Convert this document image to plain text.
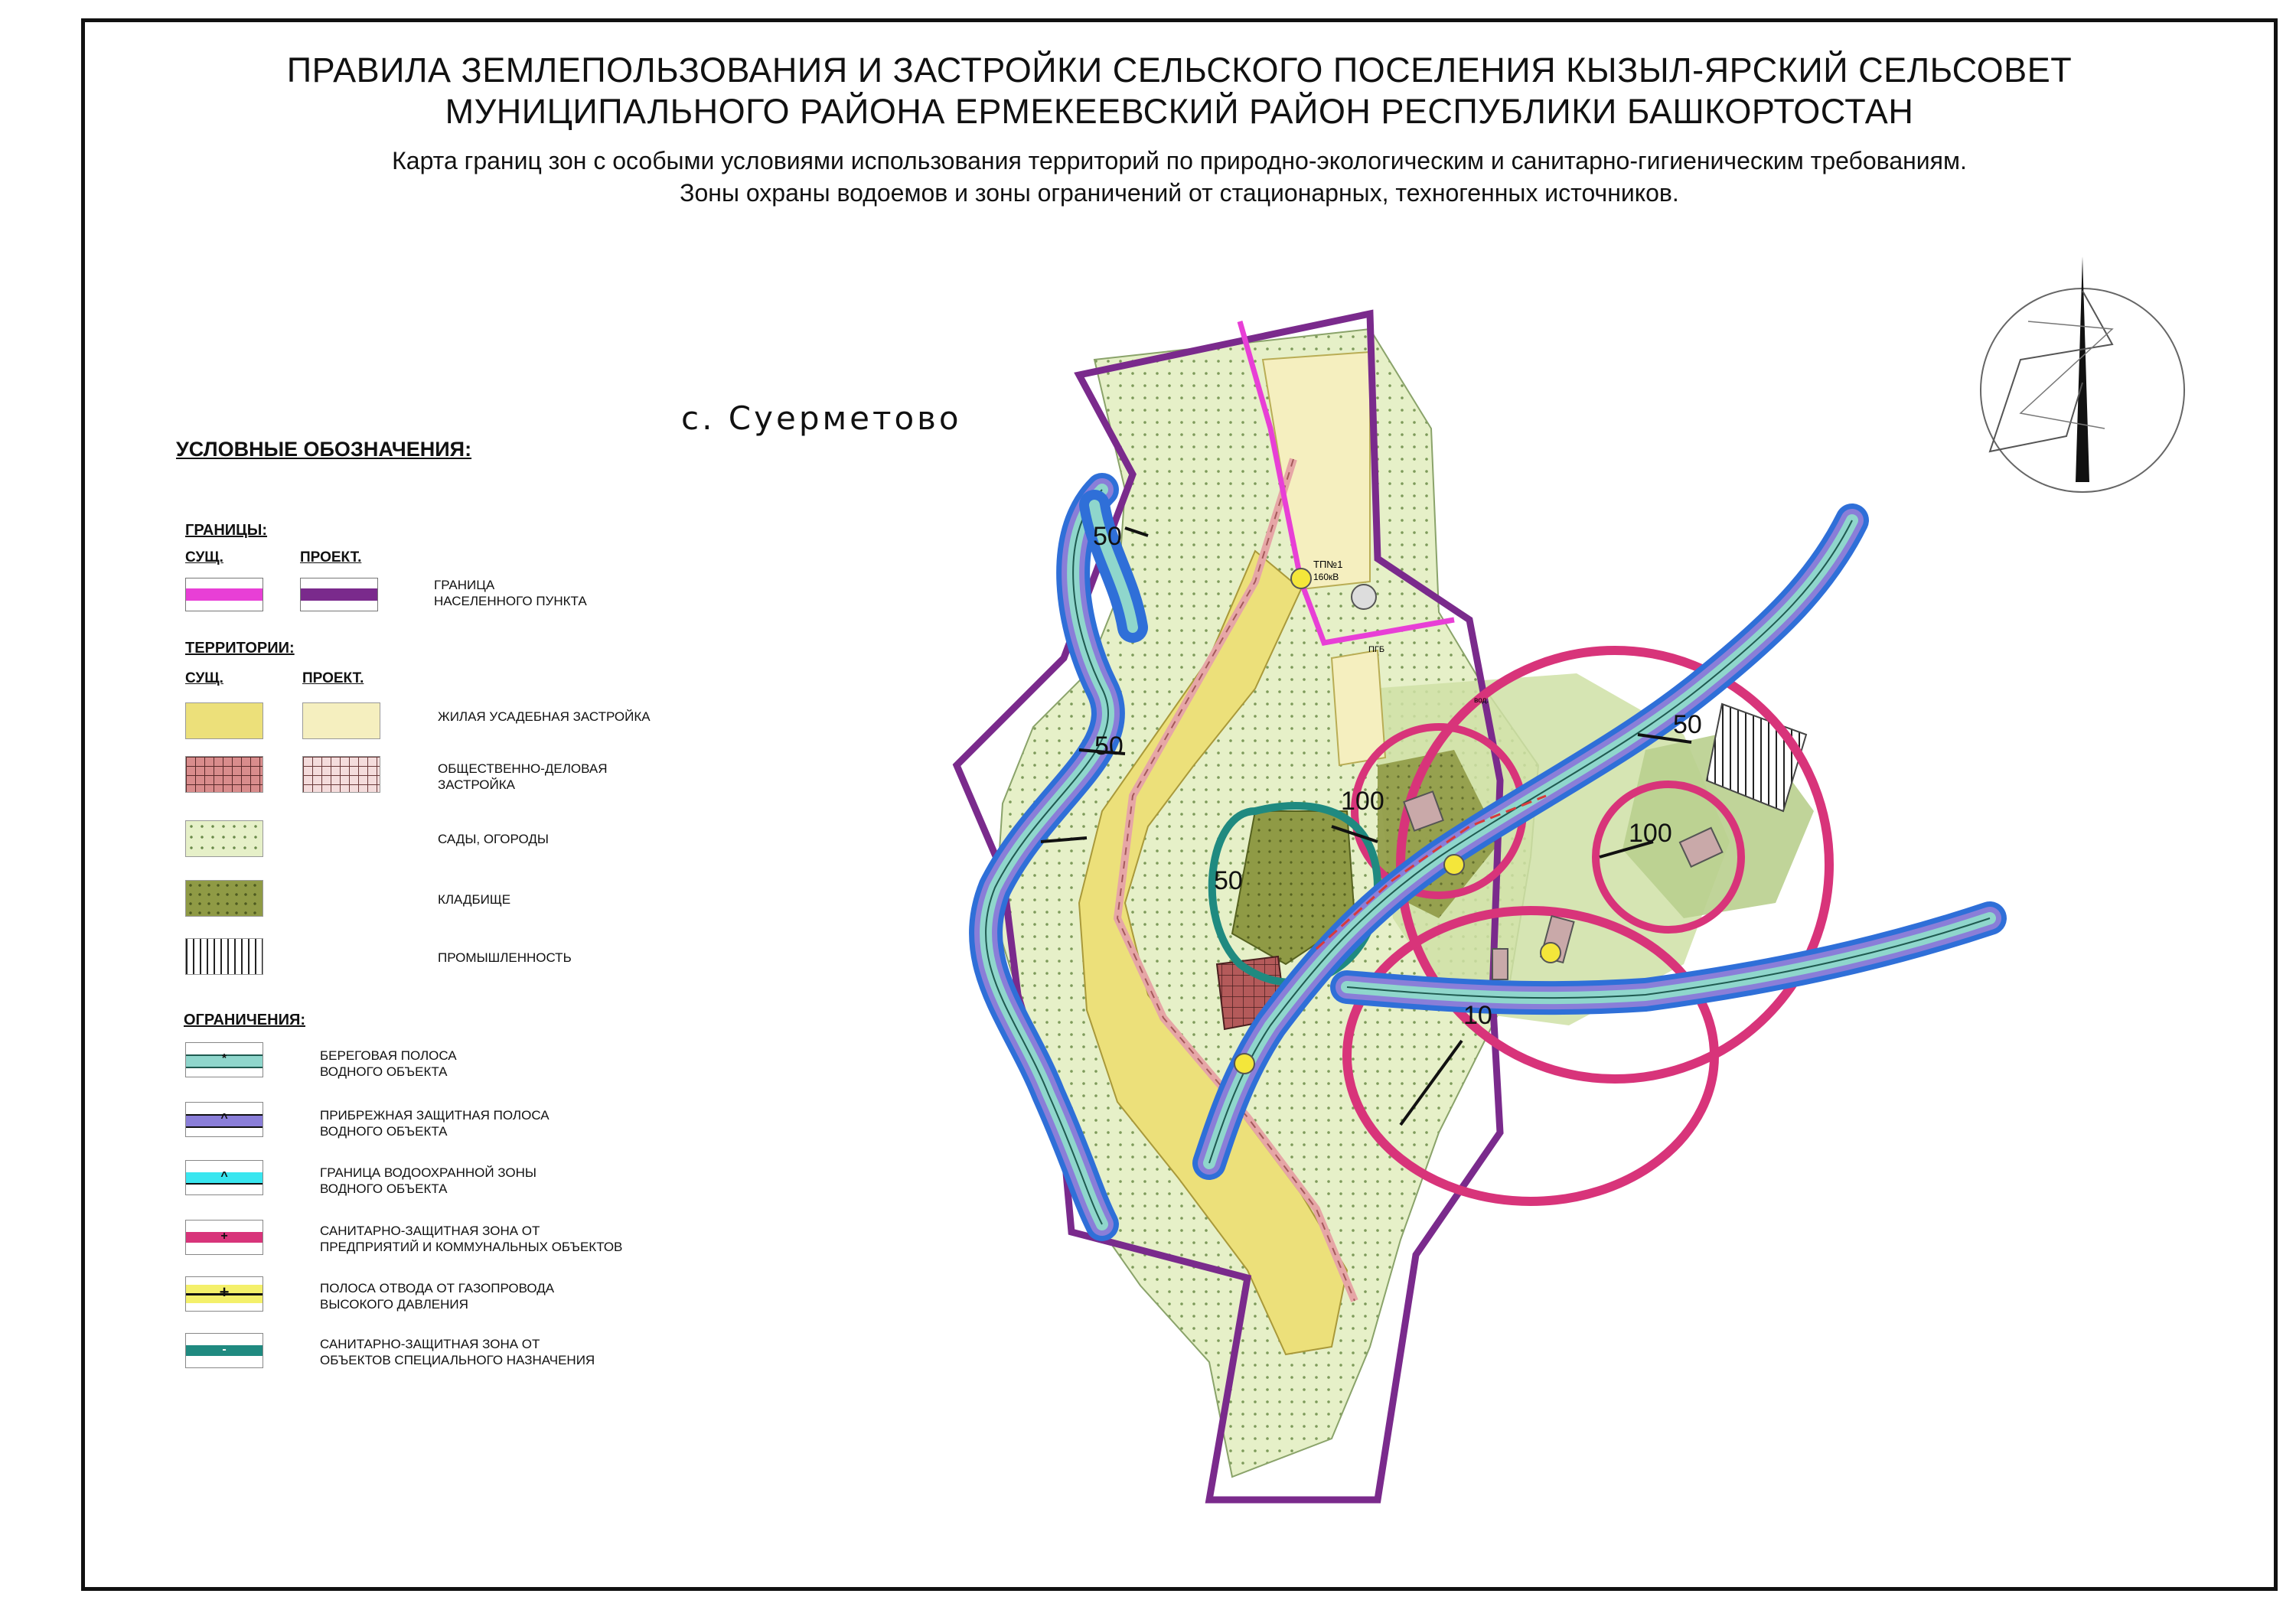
ПРАВИЛА ЗЕМЛЕПОЛЬЗОВАНИЯ И ЗАСТРОЙКИ СЕЛЬСКОГО ПОСЕЛЕНИЯ КЫЗЫЛ-ЯРСКИЙ СЕЛЬСОВЕТ
МУНИЦИПАЛЬНОГО РАЙОНА ЕРМЕКЕЕВСКИЙ РАЙОН РЕСПУБЛИКИ БАШКОРТОСТАН
Карта границ зон с особыми условиями использования территорий по природно-экологическим и санитарно-гигиеническим требованиям.
Зоны охраны водоемов и зоны ограничений от стационарных, техногенных источников.
с. Суерметово
ТП№1
160кВ
ПГБ
вод.
100
100
50
50
50
50
10
УСЛОВНЫЕ ОБОЗНАЧЕНИЯ:
ГРАНИЦЫ:
СУЩ.	ПРОЕКТ.
ГРАНИЦА
НАСЕЛЕННОГО ПУНКТА
ТЕРРИТОРИИ:
СУЩ.	ПРОЕКТ.
ЖИЛАЯ УСАДЕБНАЯ ЗАСТРОЙКА
ОБЩЕСТВЕННО-ДЕЛОВАЯ
ЗАСТРОЙКА
САДЫ, ОГОРОДЫ
КЛАДБИЩЕ
ПРОМЫШЛЕННОСТЬ
ОГРАНИЧЕНИЯ:
*	БЕРЕГОВАЯ ПОЛОСА
ВОДНОГО ОБЪЕКТА
^	ПРИБРЕЖНАЯ ЗАЩИТНАЯ ПОЛОСА
ВОДНОГО ОБЪЕКТА
^	ГРАНИЦА ВОДООХРАННОЙ ЗОНЫ
ВОДНОГО ОБЪЕКТА
+	САНИТАРНО-ЗАЩИТНАЯ ЗОНА ОТ
ПРЕДПРИЯТИЙ И КОММУНАЛЬНЫХ ОБЪЕКТОВ
+	ПОЛОСА ОТВОДА ОТ ГАЗОПРОВОДА
ВЫСОКОГО ДАВЛЕНИЯ
-	САНИТАРНО-ЗАЩИТНАЯ ЗОНА ОТ
ОБЪЕКТОВ СПЕЦИАЛЬНОГО НАЗНАЧЕНИЯ
